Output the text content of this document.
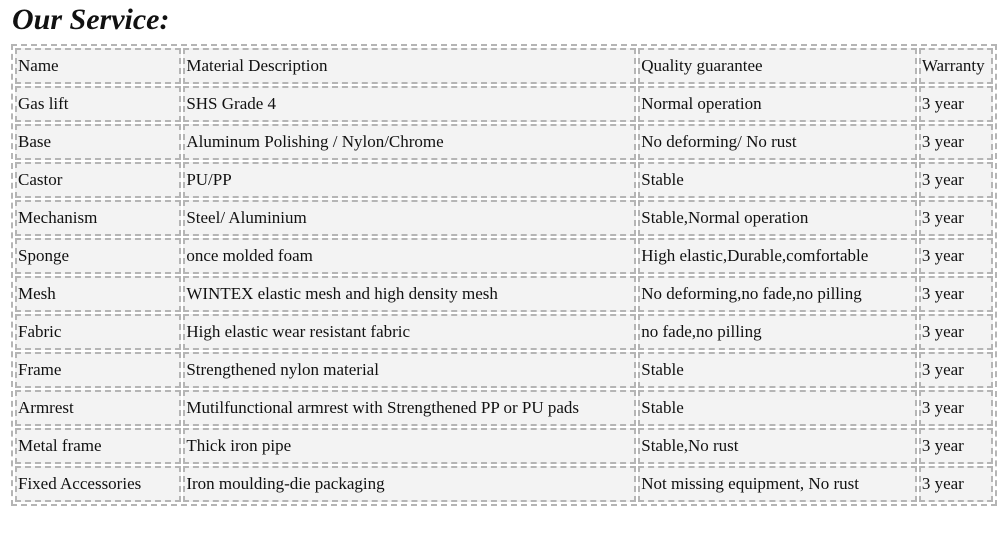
Our Service:
Name	Material Description	Quality guarantee	Warranty
Gas lift	SHS Grade 4	Normal operation	3 year
Base	Aluminum Polishing / Nylon/Chrome	No deforming/ No rust	3 year
Castor	PU/PP	Stable	3 year
Mechanism	Steel/ Aluminium	Stable,Normal operation	3 year
Sponge	once molded foam	High elastic,Durable,comfortable	3 year
Mesh	WINTEX elastic mesh and high density mesh	No deforming,no fade,no pilling	3 year
Fabric	High elastic wear resistant fabric	no fade,no pilling	3 year
Frame	Strengthened nylon material	Stable	3 year
Armrest	Mutilfunctional armrest with Strengthened PP or PU pads	Stable	3 year
Metal frame	Thick iron pipe	Stable,No rust	3 year
Fixed Accessories	Iron moulding-die packaging	Not missing equipment, No rust	3 year
